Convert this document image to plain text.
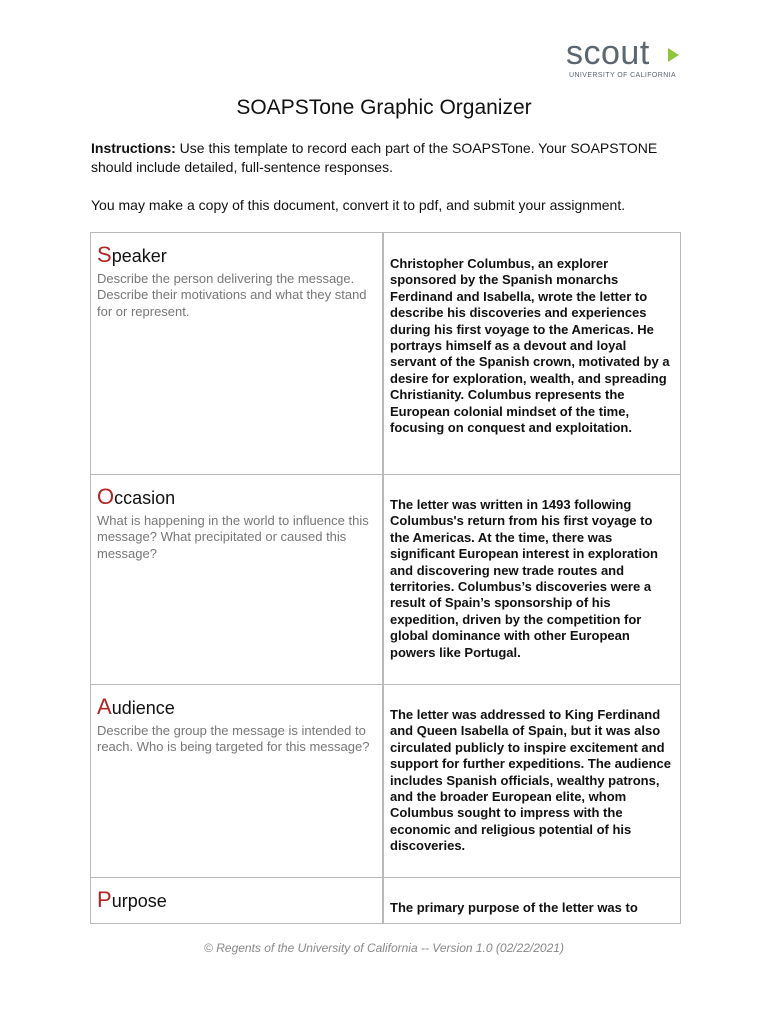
scout
UNIVERSITY OF CALIFORNIA
SOAPSTone Graphic Organizer
Instructions: Use this template to record each part of the SOAPSTone. Your SOAPSTONE should include detailed, full-sentence responses.
You may make a copy of this document, convert it to pdf, and submit your assignment.
Speaker
Describe the person delivering the message. Describe their motivations and what they stand for or represent.
Christopher Columbus, an explorer sponsored by the Spanish monarchs Ferdinand and Isabella, wrote the letter to describe his discoveries and experiences during his first voyage to the Americas. He portrays himself as a devout and loyal servant of the Spanish crown, motivated by a desire for exploration, wealth, and spreading Christianity. Columbus represents the European colonial mindset of the time, focusing on conquest and exploitation.
Occasion
What is happening in the world to influence this message? What precipitated or caused this message?
The letter was written in 1493 following Columbus's return from his first voyage to the Americas. At the time, there was significant European interest in exploration and discovering new trade routes and territories. Columbus’s discoveries were a result of Spain’s sponsorship of his expedition, driven by the competition for global dominance with other European powers like Portugal.
Audience
Describe the group the message is intended to reach. Who is being targeted for this message?
The letter was addressed to King Ferdinand and Queen Isabella of Spain, but it was also circulated publicly to inspire excitement and support for further expeditions. The audience includes Spanish officials, wealthy patrons, and the broader European elite, whom Columbus sought to impress with the economic and religious potential of his discoveries.
Purpose	The primary purpose of the letter was to
© Regents of the University of California -- Version 1.0 (02/22/2021)
